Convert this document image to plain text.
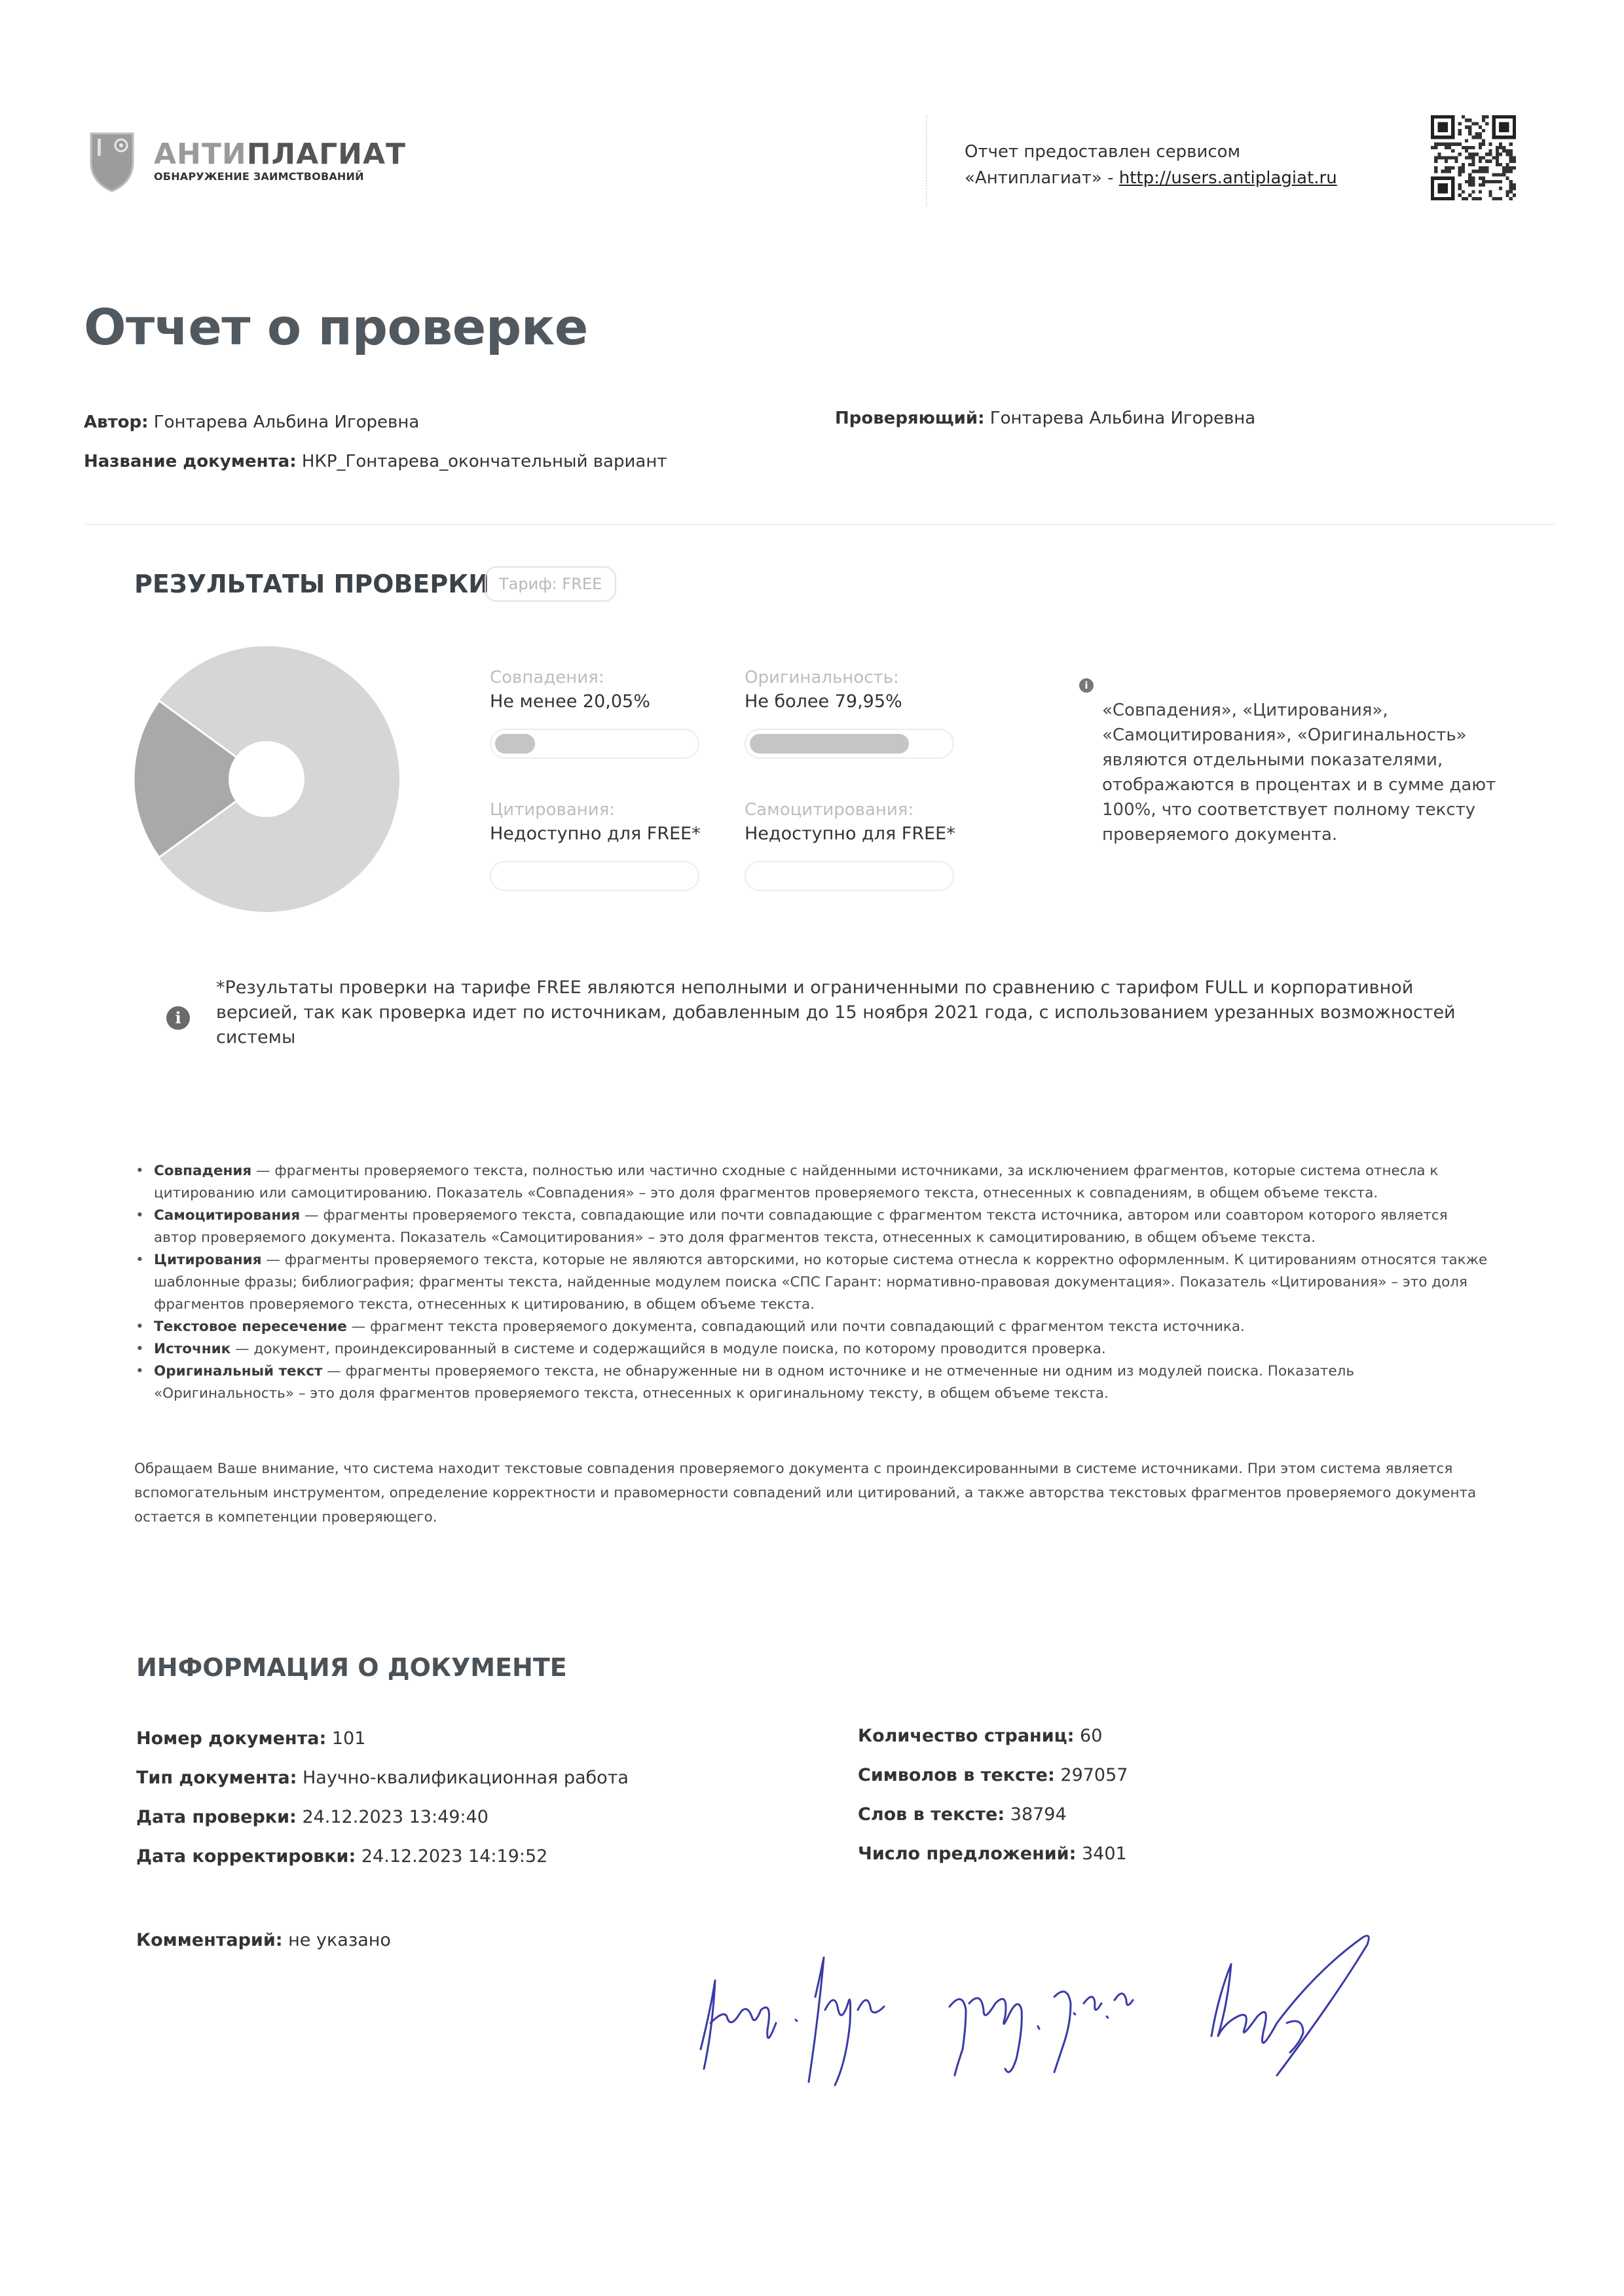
АНТИПЛАГИАТ
ОБНАРУЖЕНИЕ ЗАИМСТВОВАНИЙ
Отчет предоставлен сервисом
«Антиплагиат» - http://users.antiplagiat.ru
Отчет о проверке
Автор: Гонтарева Альбина Игоревна
Название документа: НКР_Гонтарева_окончательный вариант
Проверяющий: Гонтарева Альбина Игоревна
РЕЗУЛЬТАТЫ ПРОВЕРКИ Тариф: FREE
Совпадения:
Не менее 20,05%
Оригинальность:
Не более 79,95%
Цитирования:
Недоступно для FREE*
Самоцитирования:
Недоступно для FREE*
i
«Совпадения», «Цитирования», «Самоцитирования», «Оригинальность» являются отдельными показателями, отображаются в процентах и в сумме дают 100%, что соответствует полному тексту проверяемого документа.
i
*Результаты проверки на тарифе FREE являются неполными и ограниченными по сравнению с тарифом FULL и корпоративной версией, так как проверка идет по источникам, добавленным до 15 ноября 2021 года, с использованием урезанных возможностей системы
• Совпадения — фрагменты проверяемого текста, полностью или частично сходные с найденными источниками, за исключением фрагментов, которые система отнесла к цитированию или самоцитированию. Показатель «Совпадения» – это доля фрагментов проверяемого текста, отнесенных к совпадениям, в общем объеме текста.
• Самоцитирования — фрагменты проверяемого текста, совпадающие или почти совпадающие с фрагментом текста источника, автором или соавтором которого является автор проверяемого документа. Показатель «Самоцитирования» – это доля фрагментов текста, отнесенных к самоцитированию, в общем объеме текста.
• Цитирования — фрагменты проверяемого текста, которые не являются авторскими, но которые система отнесла к корректно оформленным. К цитированиям относятся также шаблонные фразы; библиография; фрагменты текста, найденные модулем поиска «СПС Гарант: нормативно-правовая документация». Показатель «Цитирования» – это доля фрагментов проверяемого текста, отнесенных к цитированию, в общем объеме текста.
• Текстовое пересечение — фрагмент текста проверяемого документа, совпадающий или почти совпадающий с фрагментом текста источника.
• Источник — документ, проиндексированный в системе и содержащийся в модуле поиска, по которому проводится проверка.
• Оригинальный текст — фрагменты проверяемого текста, не обнаруженные ни в одном источнике и не отмеченные ни одним из модулей поиска. Показатель «Оригинальность» – это доля фрагментов проверяемого текста, отнесенных к оригинальному тексту, в общем объеме текста.
Обращаем Ваше внимание, что система находит текстовые совпадения проверяемого документа с проиндексированными в системе источниками. При этом система является вспомогательным инструментом, определение корректности и правомерности совпадений или цитирований, а также авторства текстовых фрагментов проверяемого документа остается в компетенции проверяющего.
ИНФОРМАЦИЯ О ДОКУМЕНТЕ
Номер документа: 101
Тип документа: Научно-квалификационная работа
Дата проверки: 24.12.2023 13:49:40
Дата корректировки: 24.12.2023 14:19:52
Количество страниц: 60
Символов в тексте: 297057
Слов в тексте: 38794
Число предложений: 3401
Комментарий: не указано
